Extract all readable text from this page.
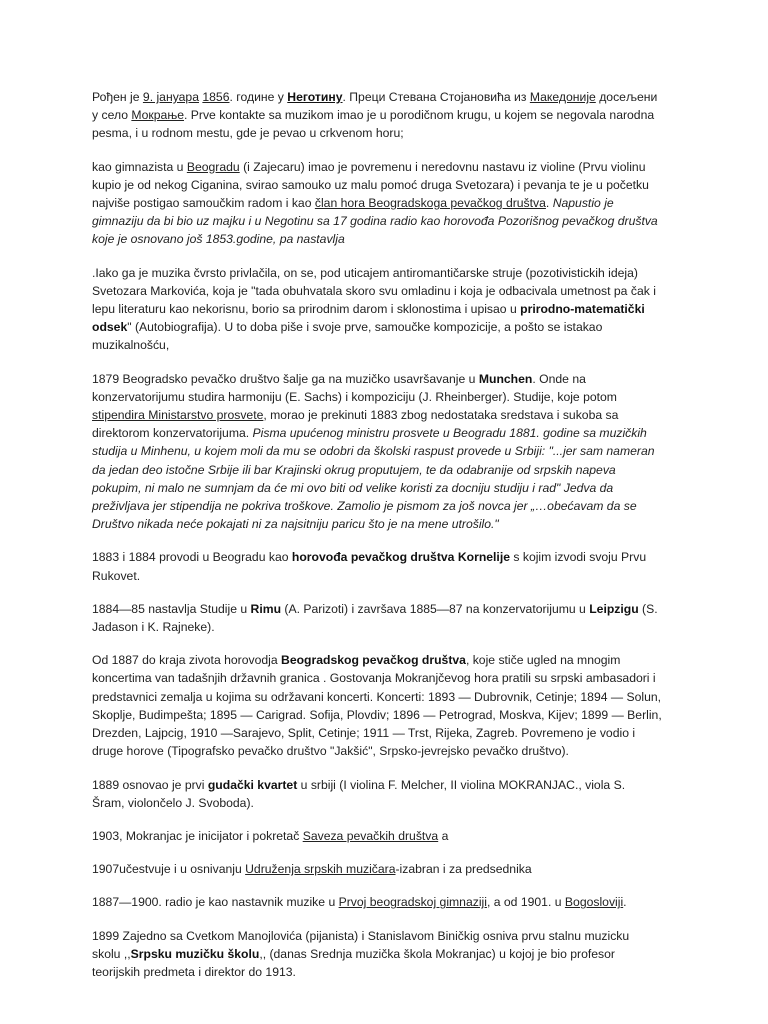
Рођен је 9. јануара 1856. године у Неготину. Преци Стевана Стојановића из Македоније досељени
у село Мокрање. Prve kontakte sa muzikom imao je u porodičnom krugu, u kojem se negovala narodna
pesma, i u rodnom mestu, gde je pevao u crkvenom horu;
kao gimnazista u Beogradu (i Zajecaru) imao je povremenu i neredovnu nastavu iz violine (Prvu violinu
kupio je od nekog Ciganina, svirao samouko uz malu pomoć druga Svetozara) i pevanja te je u početku
najviše postigao samoučkim radom i kao član hora Beogradskoga pevačkog društva. Napustio je
gimnaziju da bi bio uz majku i u Negotinu sa 17 godina radio kao horovođa Pozorišnog pevačkog društva
koje je osnovano još 1853.godine, pa nastavlja
.Iako ga je muzika čvrsto privlačila, on se, pod uticajem antiromantičarske struje (pozotivistickih ideja)
Svetozara Markovića, koja je "tada obuhvatala skoro svu omladinu i koja je odbacivala umetnost pa čak i
lepu literaturu kao nekorisnu, borio sa prirodnim darom i sklonostima i upisao u prirodno-matematički
odsek" (Autobiografija). U to doba piše i svoje prve, samoučke kompozicije, a pošto se istakao
muzikalnošću,
1879 Beogradsko pevačko društvo šalje ga na muzičko usavršavanje u Munchen. Onde na
konzervatorijumu studira harmoniju (E. Sachs) i kompoziciju (J. Rheinberger). Studije, koje potom
stipendira Ministarstvo prosvete, morao je prekinuti 1883 zbog nedostataka sredstava i sukoba sa
direktorom konzervatorijuma. Pisma upućenog ministru prosvete u Beogradu 1881. godine sa muzičkih
studija u Minhenu, u kojem moli da mu se odobri da školski raspust provede u Srbiji: "...jer sam nameran
da jedan deo istočne Srbije ili bar Krajinski okrug proputujem, te da odabranije od srpskih napeva
pokupim, ni malo ne sumnjam da će mi ovo biti od velike koristi za docniju studiju i rad" Jedva da
preživljava jer stipendija ne pokriva troškove. Zamolio je pismom za još novca jer „…obećavam da se
Društvo nikada neće pokajati ni za najsitniju paricu što je na mene utrošilo."
1883 i 1884 provodi u Beogradu kao horovođa pevačkog društva Kornelije s kojim izvodi svoju Prvu
Rukovet.
1884—85 nastavlja Studije u Rimu (A. Parizoti) i završava 1885—87 na konzervatorijumu u Leipzigu (S.
Jadason i K. Rajneke).
Od 1887 do kraja zivota horovodja Beogradskog pevačkog društva, koje stiče ugled na mnogim
koncertima van tadašnjih državnih granica . Gostovanja Mokranjčevog hora pratili su srpski ambasadori i
predstavnici zemalja u kojima su održavani koncerti. Koncerti: 1893 — Dubrovnik, Cetinje; 1894 — Solun,
Skoplje, Budimpešta; 1895 — Carigrad. Sofija, Plovdiv; 1896 — Petrograd, Moskva, Kijev; 1899 — Berlin,
Drezden, Lajpcig, 1910 —Sarajevo, Split, Cetinje; 1911 — Trst, Rijeka, Zagreb. Povremeno je vodio i
druge horove (Tipografsko pevačko društvo "Jakšić", Srpsko-jevrejsko pevačko društvo).
1889 osnovao je prvi gudački kvartet u srbiji (I violina F. Melcher, II violina MOKRANJAC., viola S.
Šram, violončelo J. Svoboda).
1903, Mokranjac je inicijator i pokretač Saveza pevačkih društva a
1907učestvuje i u osnivanju Udruženja srpskih muzičara-izabran i za predsednika
1887—1900. radio je kao nastavnik muzike u Prvoj beogradskoj gimnaziji, a od 1901. u Bogosloviji.
1899 Zajedno sa Cvetkom Manojlovića (pijanista) i Stanislavom Biničkig osniva prvu stalnu muzicku
skolu ,,Srpsku muzičku školu,, (danas Srednja muzička škola Mokranjac) u kojoj je bio profesor
teorijskih predmeta i direktor do 1913.
